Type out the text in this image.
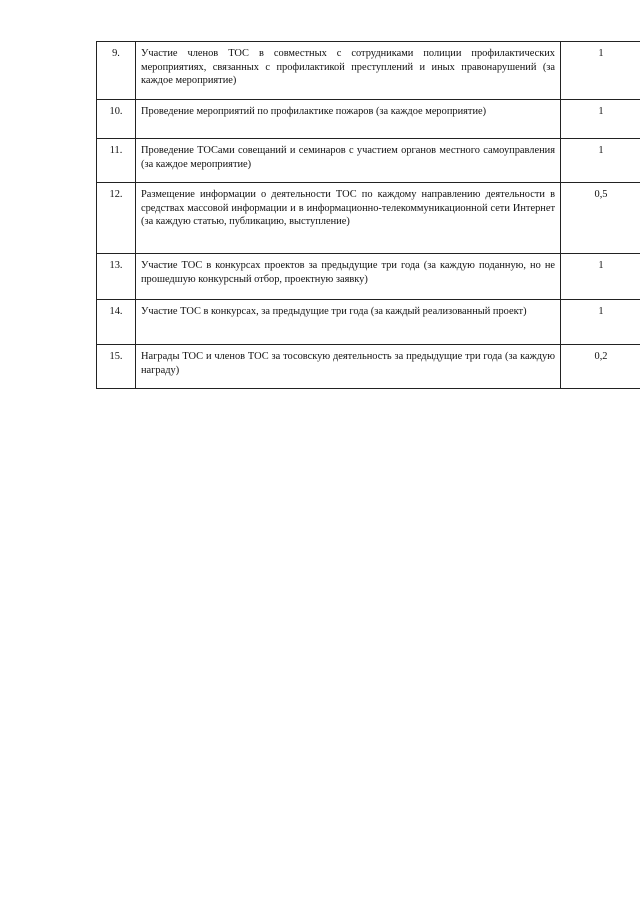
9.	Участие членов ТОС в совместных с сотрудниками полиции профилактических мероприятиях, связанных с профилактикой преступлений и иных правонарушений (за каждое мероприятие)	1
10.	Проведение мероприятий по профилактике пожаров (за каждое мероприятие)	1
11.	Проведение ТОСами совещаний и семинаров с участием органов местного самоуправления (за каждое мероприятие)	1
12.	Размещение информации о деятельности ТОС по каждому направлению деятельности в средствах массовой информации и в информационно-телекоммуникационной сети Интернет (за каждую статью, публикацию, выступление)	0,5
13.	Участие ТОС в конкурсах проектов за предыдущие три года (за каждую поданную, но не прошедшую конкурсный отбор, проектную заявку)	1
14.	Участие ТОС в конкурсах, за предыдущие три года (за каждый реализованный проект)	1
15.	Награды ТОС и членов ТОС за тосовскую деятельность за предыдущие три года (за каждую награду)	0,2
